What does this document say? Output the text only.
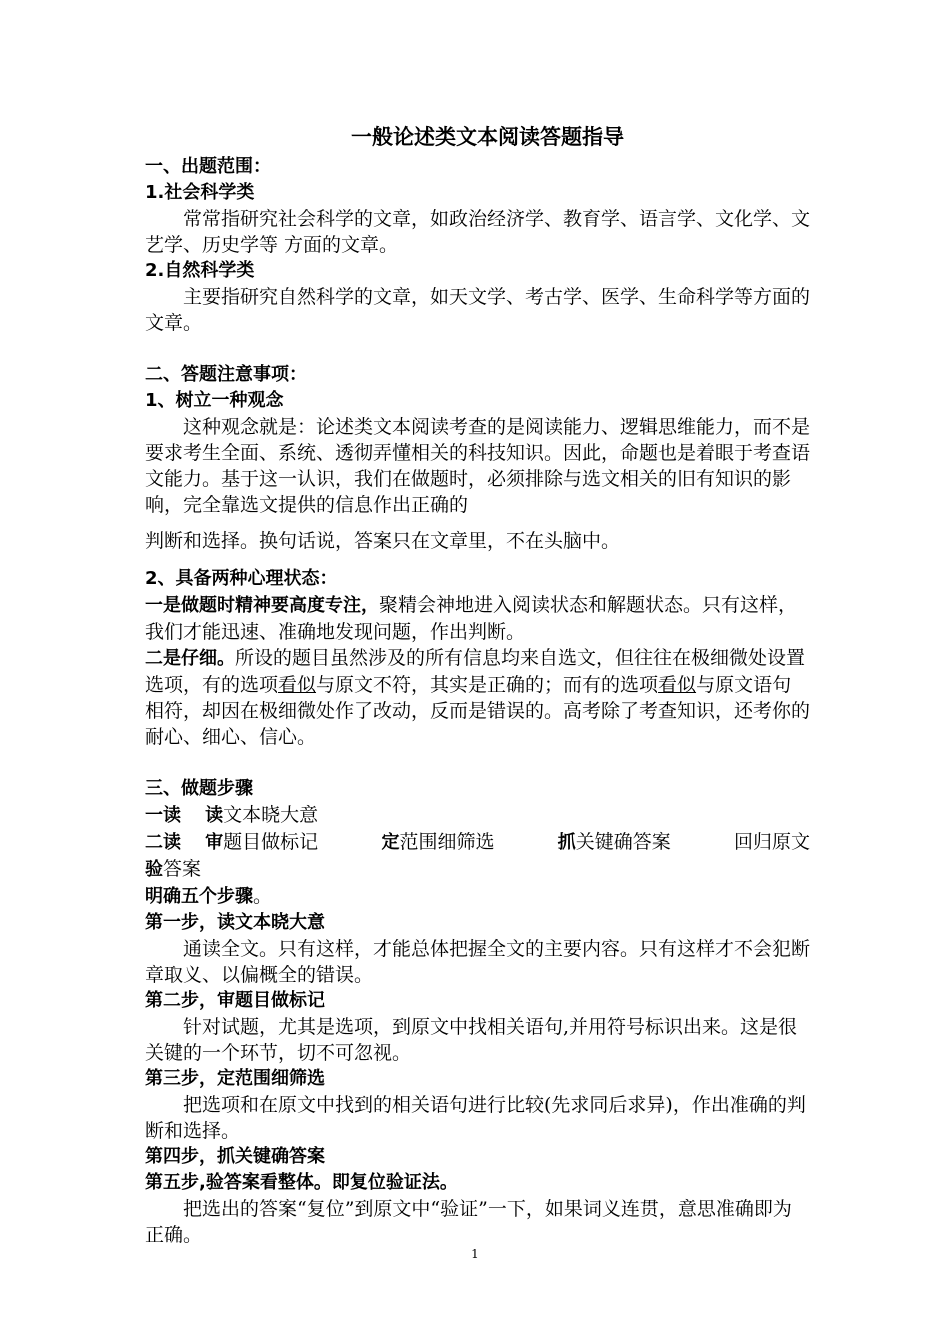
一般论述类文本阅读答题指导

一、出题范围：

1.社会科学类

常常指研究社会科学的文章，如政治经济学、教育学、语言学、文化学、文艺学、历史学等 方面的文章。

2.自然科学类

主要指研究自然科学的文章，如天文学、考古学、医学、生命科学等方面的文章。

二、答题注意事项：

1、树立一种观念

这种观念就是：论述类文本阅读考查的是阅读能力、逻辑思维能力，而不是要求考生全面、系统、透彻弄懂相关的科技知识。因此，命题也是着眼于考查语文能力。基于这一认识，我们在做题时，必须排除与选文相关的旧有知识的影响，完全靠选文提供的信息作出正确的

判断和选择。换句话说，答案只在文章里，不在头脑中。

2、具备两种心理状态：

一是做题时精神要高度专注，聚精会神地进入阅读状态和解题状态。只有这样，我们才能迅速、准确地发现问题，作出判断。

二是仔细。所设的题目虽然涉及的所有信息均来自选文，但往往在极细微处设置选项，有的选项看似与原文不符，其实是正确的；而有的选项看似与原文语句相符，却因在极细微处作了改动，反而是错误的。高考除了考查知识，还考你的耐心、细心、信心。

三、做题步骤

一读 读文本晓大意

二读 审题目做标记	定范围细筛选	抓关键确答案	回归原文

验答案

明确五个步骤。

第一步，读文本晓大意

通读全文。只有这样，才能总体把握全文的主要内容。只有这样才不会犯断章取义、以偏概全的错误。

第二步，审题目做标记

针对试题，尤其是选项，到原文中找相关语句,并用符号标识出来。这是很关键的一个环节，切不可忽视。

第三步，定范围细筛选

把选项和在原文中找到的相关语句进行比较(先求同后求异)，作出准确的判断和选择。

第四步，抓关键确答案

第五步,验答案看整体。即复位验证法。

把选出的答案“复位”到原文中“验证”一下，如果词义连贯，意思准确即为正确。

1
